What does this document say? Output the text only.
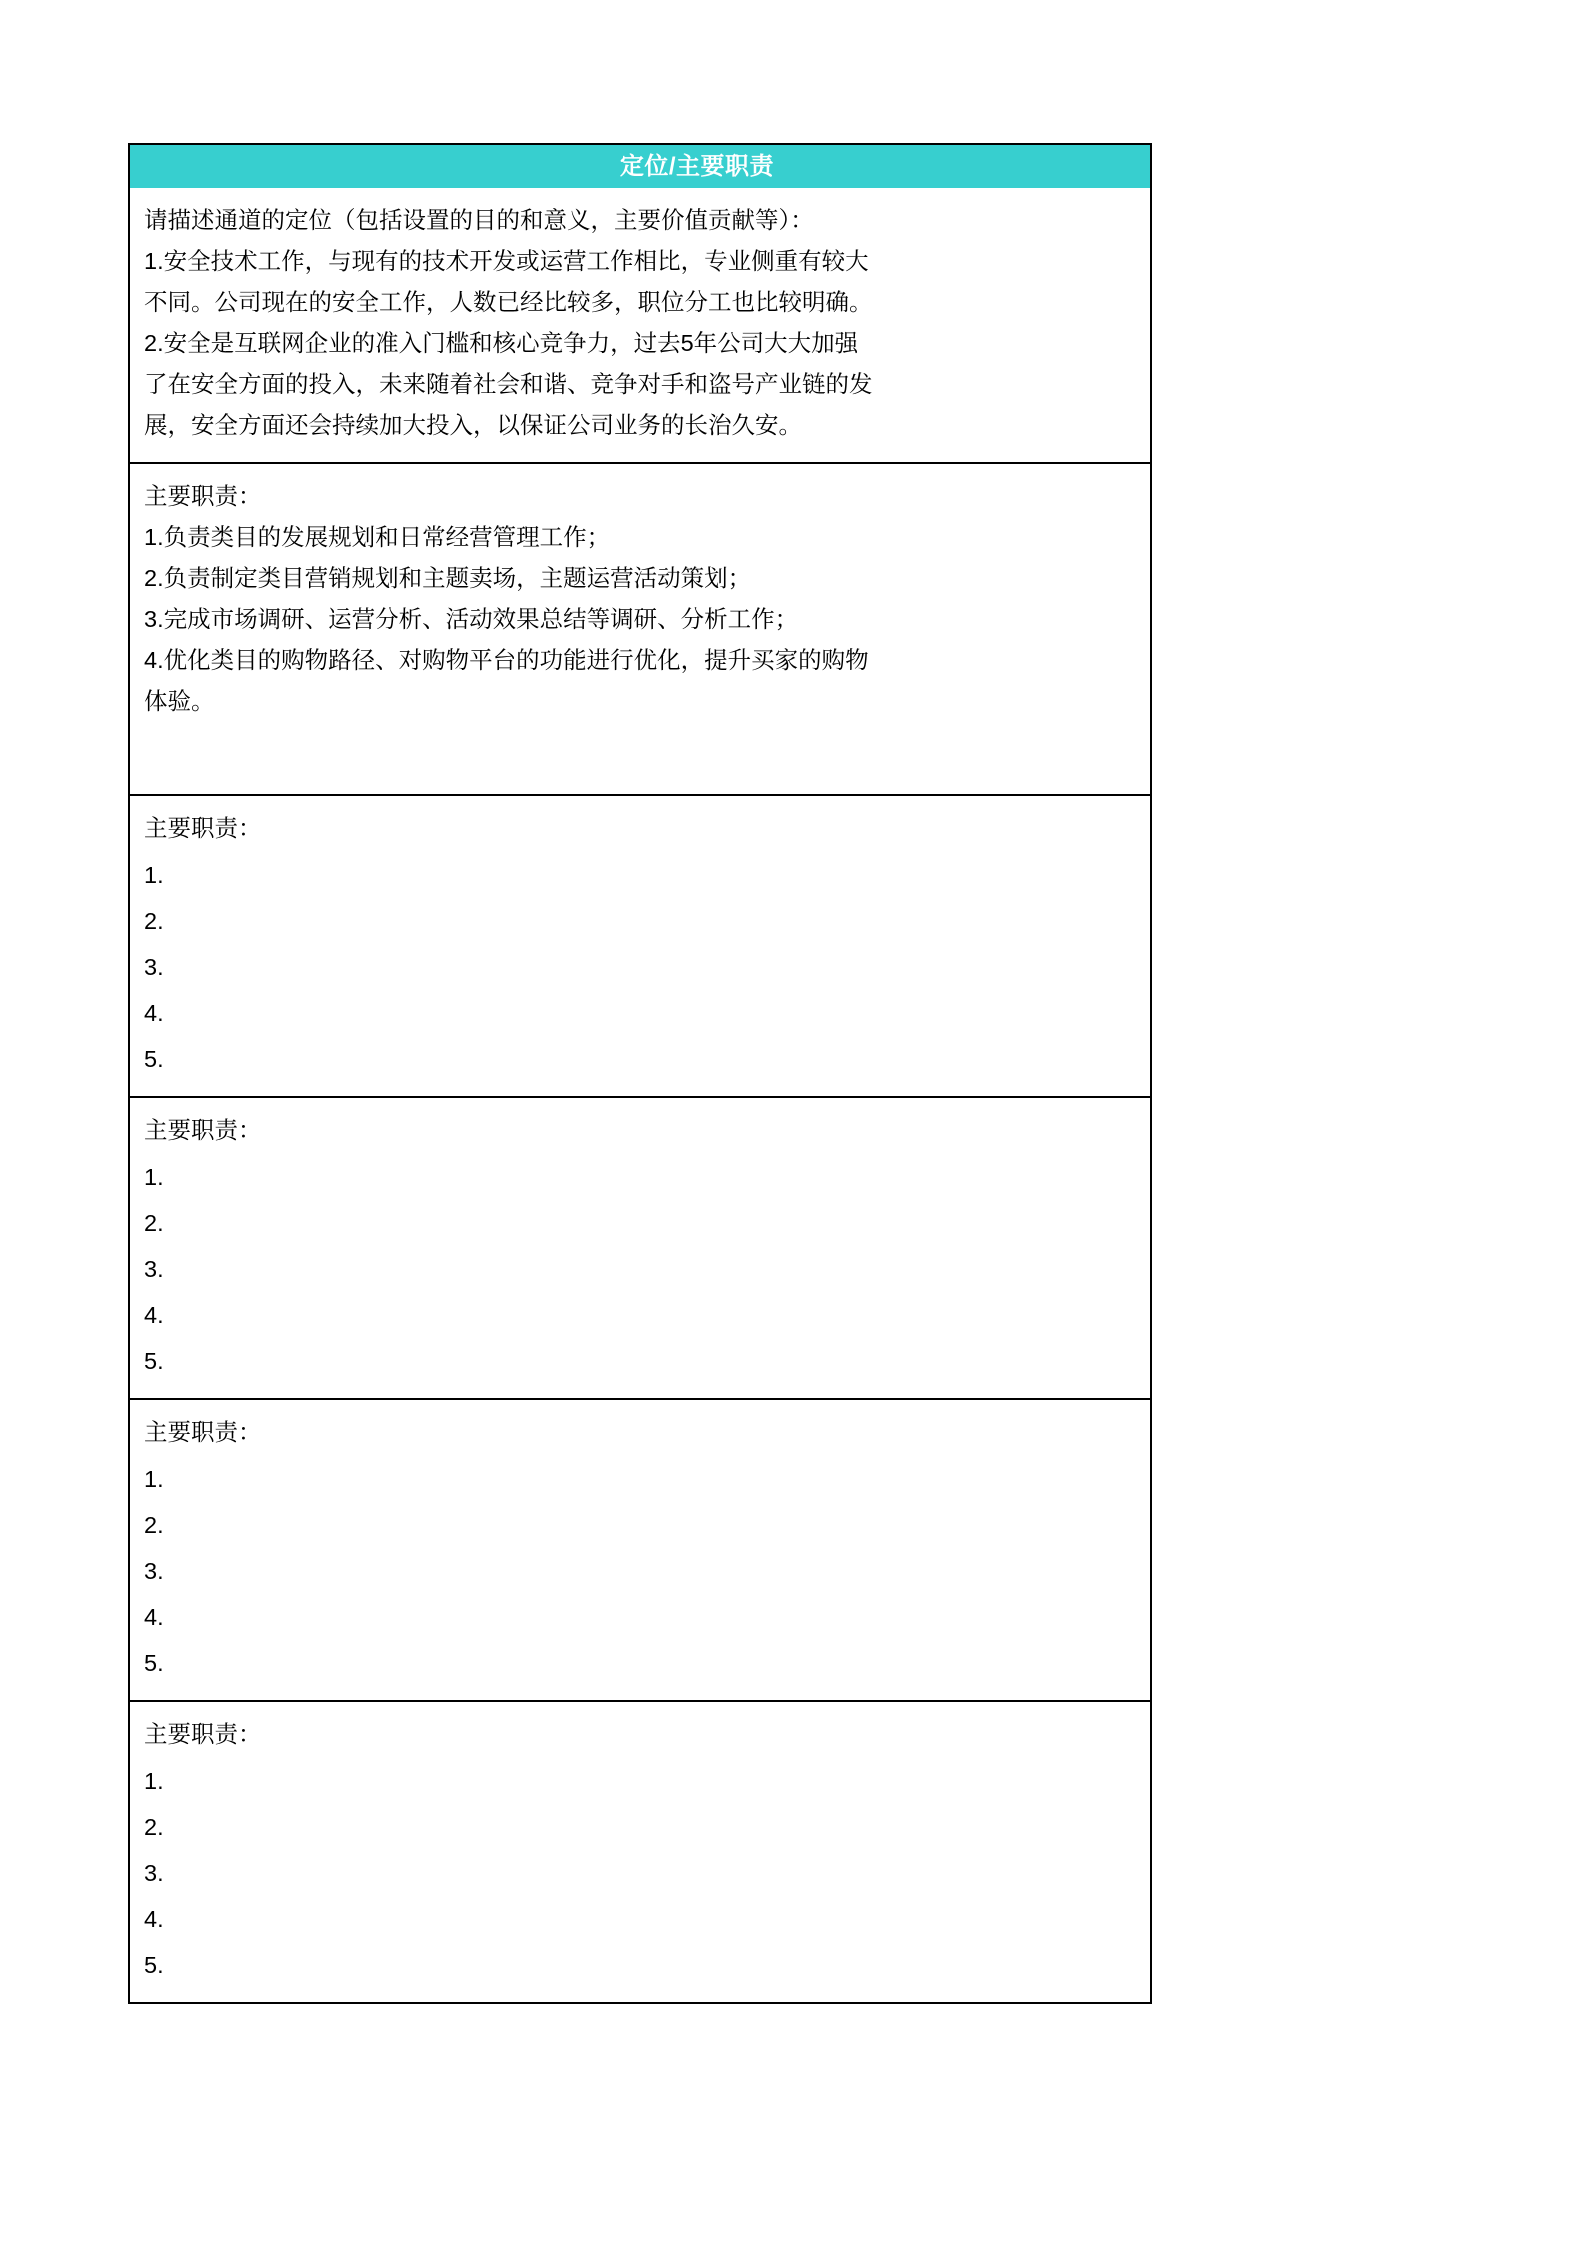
定位/主要职责
请描述通道的定位（包括设置的目的和意义，主要价值贡献等）：
1.安全技术工作，与现有的技术开发或运营工作相比，专业侧重有较大
不同。公司现在的安全工作，人数已经比较多，职位分工也比较明确。
2.安全是互联网企业的准入门槛和核心竞争力，过去5年公司大大加强
了在安全方面的投入，未来随着社会和谐、竞争对手和盗号产业链的发
展，安全方面还会持续加大投入，以保证公司业务的长治久安。
主要职责：
1.负责类目的发展规划和日常经营管理工作；
2.负责制定类目营销规划和主题卖场，主题运营活动策划；
3.完成市场调研、运营分析、活动效果总结等调研、分析工作；
4.优化类目的购物路径、对购物平台的功能进行优化，提升买家的购物
体验。
主要职责：
1.
2.
3.
4.
5.
主要职责：
1.
2.
3.
4.
5.
主要职责：
1.
2.
3.
4.
5.
主要职责：
1.
2.
3.
4.
5.
